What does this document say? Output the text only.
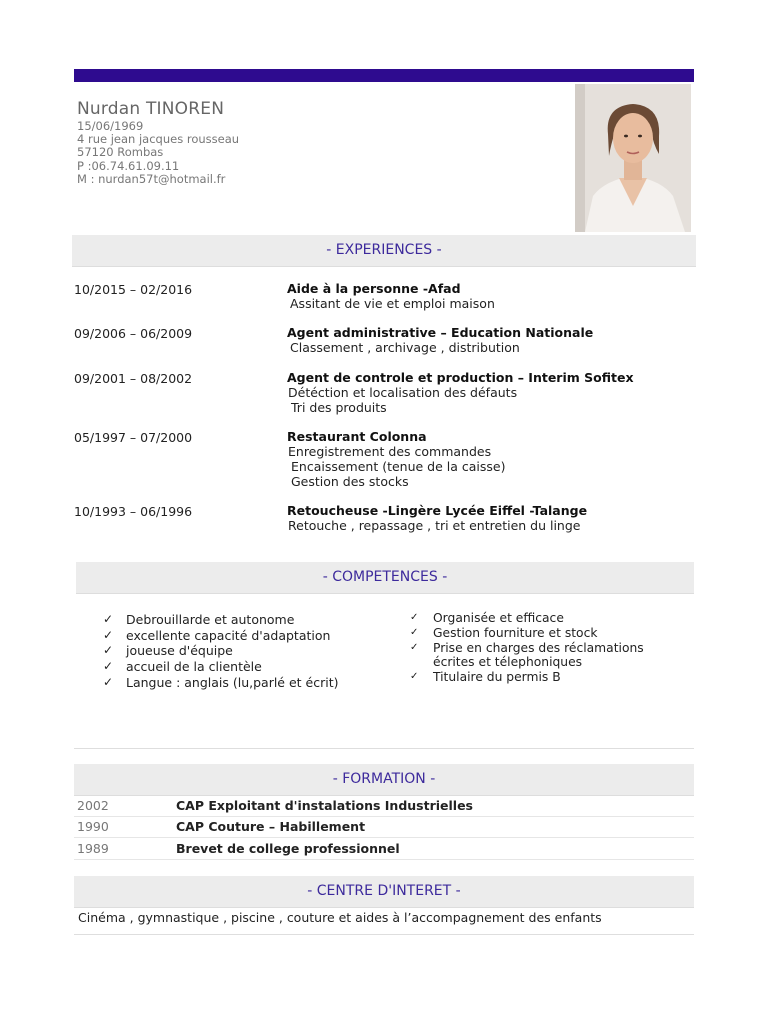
Nurdan TINOREN
15/06/1969
4 rue jean jacques rousseau
57120 Rombas
P :06.74.61.09.11
M : nurdan57t@hotmail.fr
- EXPERIENCES -
10/2015 – 02/2016	Aide à la personne -Afad
Assitant de vie et emploi maison
09/2006 – 06/2009	Agent administrative – Education Nationale
Classement , archivage , distribution
09/2001 – 08/2002	Agent de controle et production – Interim Sofitex
Détéction et localisation des défauts
Tri des produits
05/1997 – 07/2000	Restaurant Colonna
Enregistrement des commandes
Encaissement (tenue de la caisse)
Gestion des stocks
10/1993 – 06/1996	Retoucheuse -Lingère Lycée Eiffel -Talange
Retouche , repassage , tri et entretien du linge
- COMPETENCES -
✓ Debrouillarde et autonome
✓ excellente capacité d'adaptation
✓ joueuse d'équipe
✓ accueil de la clientèle
✓ Langue : anglais (lu,parlé et écrit)
✓ Organisée et efficace
✓ Gestion fourniture et stock
✓ Prise en charges des réclamations
écrites et télephoniques
✓ Titulaire du permis B
- FORMATION -
2002	CAP Exploitant d'instalations Industrielles
1990	CAP Couture – Habillement
1989	Brevet de college professionnel
- CENTRE D'INTERET -
Cinéma , gymnastique , piscine , couture et aides à l’accompagnement des enfants
